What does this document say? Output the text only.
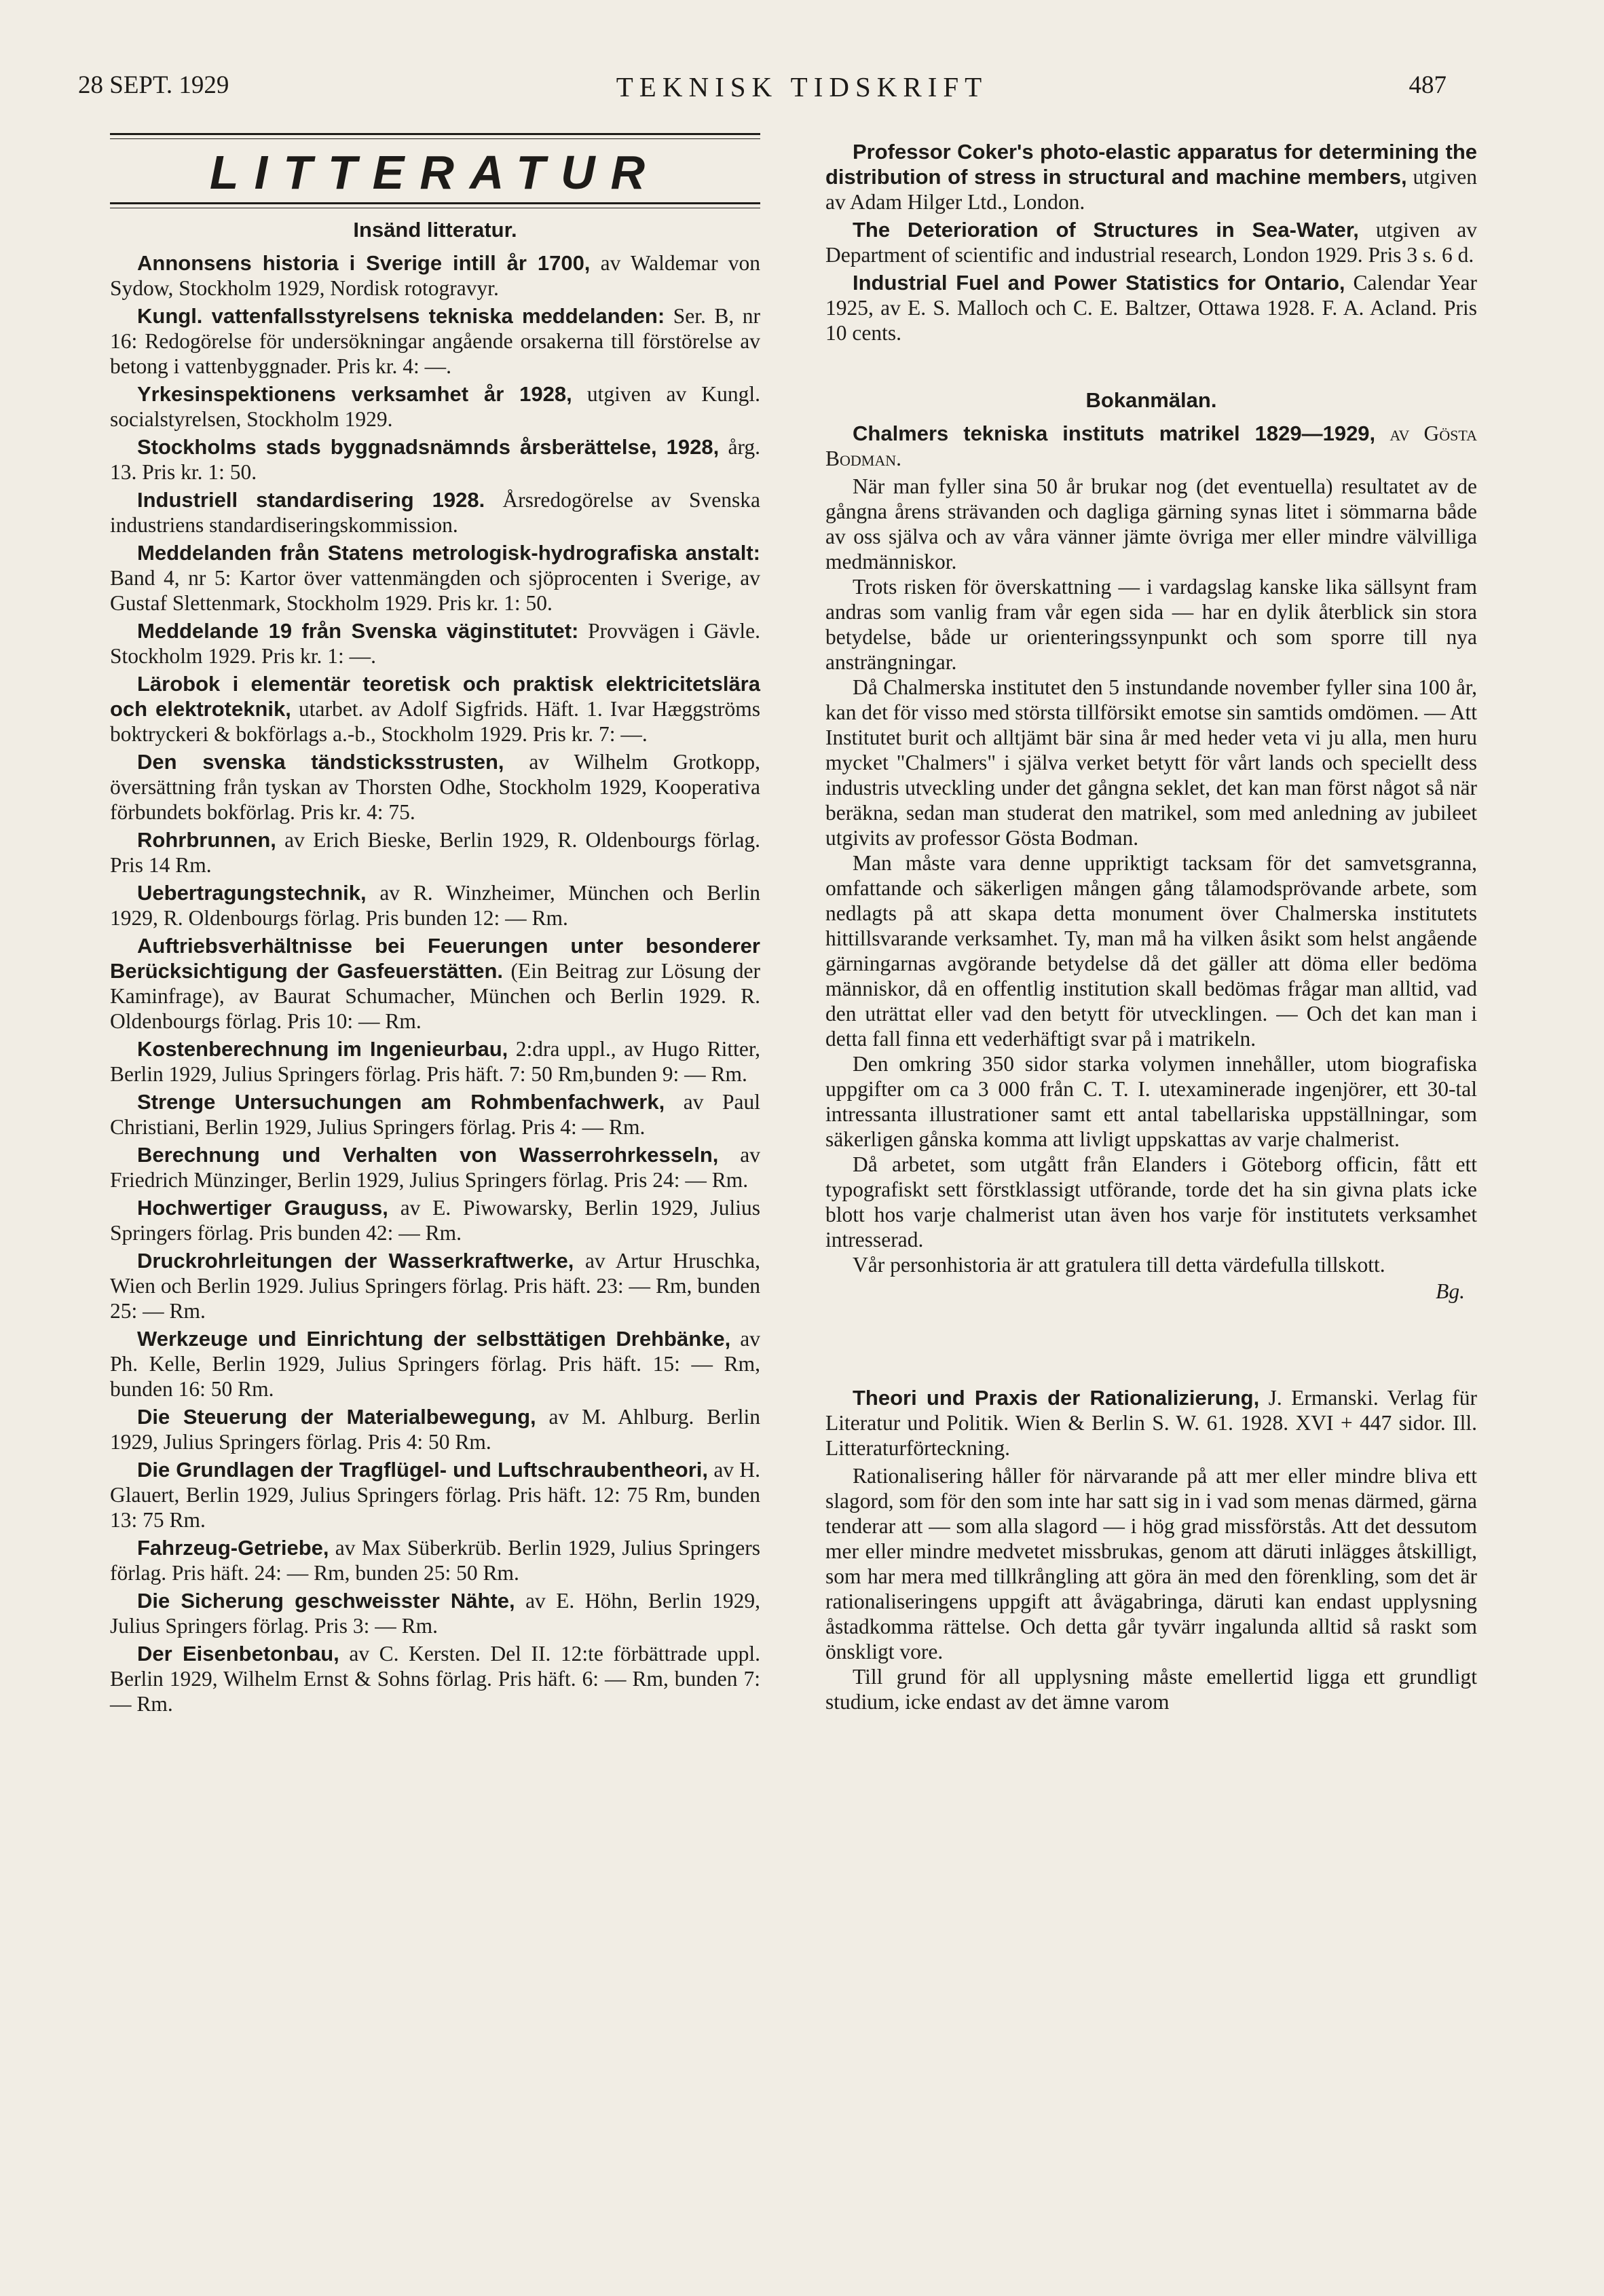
28 SEPT. 1929	TEKNISK TIDSKRIFT	487
LITTERATUR
Insänd litteratur.
Annonsens historia i Sverige intill år 1700, av Waldemar von Sydow, Stockholm 1929, Nordisk rotogravyr.
Kungl. vattenfallsstyrelsens tekniska meddelanden: Ser. B, nr 16: Redogörelse för undersökningar angående orsakerna till förstörelse av betong i vattenbyggnader. Pris kr. 4: —.
Yrkesinspektionens verksamhet år 1928, utgiven av Kungl. socialstyrelsen, Stockholm 1929.
Stockholms stads byggnadsnämnds årsberättelse, 1928, årg. 13. Pris kr. 1: 50.
Industriell standardisering 1928. Årsredogörelse av Svenska industriens standardiseringskommission.
Meddelanden från Statens metrologisk-hydrografiska anstalt: Band 4, nr 5: Kartor över vattenmängden och sjöprocenten i Sverige, av Gustaf Slettenmark, Stockholm 1929. Pris kr. 1: 50.
Meddelande 19 från Svenska väginstitutet: Provvägen i Gävle. Stockholm 1929. Pris kr. 1: —.
Lärobok i elementär teoretisk och praktisk elektricitetslära och elektroteknik, utarbet. av Adolf Sigfrids. Häft. 1. Ivar Hæggströms boktryckeri & bokförlags a.-b., Stockholm 1929. Pris kr. 7: —.
Den svenska tändsticksstrusten, av Wilhelm Grotkopp, översättning från tyskan av Thorsten Odhe, Stockholm 1929, Kooperativa förbundets bokförlag. Pris kr. 4: 75.
Rohrbrunnen, av Erich Bieske, Berlin 1929, R. Oldenbourgs förlag. Pris 14 Rm.
Uebertragungstechnik, av R. Winzheimer, München och Berlin 1929, R. Oldenbourgs förlag. Pris bunden 12: — Rm.
Auftriebsverhältnisse bei Feuerungen unter besonderer Berücksichtigung der Gasfeuerstätten. (Ein Beitrag zur Lösung der Kaminfrage), av Baurat Schumacher, München och Berlin 1929. R. Oldenbourgs förlag. Pris 10: — Rm.
Kostenberechnung im Ingenieurbau, 2:dra uppl., av Hugo Ritter, Berlin 1929, Julius Springers förlag. Pris häft. 7: 50 Rm,bunden 9: — Rm.
Strenge Untersuchungen am Rohmbenfachwerk, av Paul Christiani, Berlin 1929, Julius Springers förlag. Pris 4: — Rm.
Berechnung und Verhalten von Wasserrohrkesseln, av Friedrich Münzinger, Berlin 1929, Julius Springers förlag. Pris 24: — Rm.
Hochwertiger Grauguss, av E. Piwowarsky, Berlin 1929, Julius Springers förlag. Pris bunden 42: — Rm.
Druckrohrleitungen der Wasserkraftwerke, av Artur Hruschka, Wien och Berlin 1929. Julius Springers förlag. Pris häft. 23: — Rm, bunden 25: — Rm.
Werkzeuge und Einrichtung der selbsttätigen Drehbänke, av Ph. Kelle, Berlin 1929, Julius Springers förlag. Pris häft. 15: — Rm, bunden 16: 50 Rm.
Die Steuerung der Materialbewegung, av M. Ahlburg. Berlin 1929, Julius Springers förlag. Pris 4: 50 Rm.
Die Grundlagen der Tragflügel- und Luftschraubentheori, av H. Glauert, Berlin 1929, Julius Springers förlag. Pris häft. 12: 75 Rm, bunden 13: 75 Rm.
Fahrzeug-Getriebe, av Max Süberkrüb. Berlin 1929, Julius Springers förlag. Pris häft. 24: — Rm, bunden 25: 50 Rm.
Die Sicherung geschweisster Nähte, av E. Höhn, Berlin 1929, Julius Springers förlag. Pris 3: — Rm.
Der Eisenbetonbau, av C. Kersten. Del II. 12:te förbättrade uppl. Berlin 1929, Wilhelm Ernst & Sohns förlag. Pris häft. 6: — Rm, bunden 7: — Rm.
Professor Coker's photo-elastic apparatus for determining the distribution of stress in structural and machine members, utgiven av Adam Hilger Ltd., London.
The Deterioration of Structures in Sea-Water, utgiven av Department of scientific and industrial research, London 1929. Pris 3 s. 6 d.
Industrial Fuel and Power Statistics for Ontario, Calendar Year 1925, av E. S. Malloch och C. E. Baltzer, Ottawa 1928. F. A. Acland. Pris 10 cents.
Bokanmälan.
Chalmers tekniska instituts matrikel 1829—1929, av Gösta Bodman.

När man fyller sina 50 år brukar nog (det eventuella) resultatet av de gångna årens strävanden och dagliga gärning synas litet i sömmarna både av oss själva och av våra vänner jämte övriga mer eller mindre välvilliga medmänniskor.

Trots risken för överskattning — i vardagslag kanske lika sällsynt fram andras som vanlig fram vår egen sida — har en dylik återblick sin stora betydelse, både ur orienteringssynpunkt och som sporre till nya ansträngningar.

Då Chalmerska institutet den 5 instundande november fyller sina 100 år, kan det för visso med största tillförsikt emotse sin samtids omdömen. — Att Institutet burit och alltjämt bär sina år med heder veta vi ju alla, men huru mycket "Chalmers" i själva verket betytt för vårt lands och speciellt dess industris utveckling under det gångna seklet, det kan man först något så när beräkna, sedan man studerat den matrikel, som med anledning av jubileet utgivits av professor Gösta Bodman.

Man måste vara denne uppriktigt tacksam för det samvetsgranna, omfattande och säkerligen mången gång tålamodsprövande arbete, som nedlagts på att skapa detta monument över Chalmerska institutets hittillsvarande verksamhet. Ty, man må ha vilken åsikt som helst angående gärningarnas avgörande betydelse då det gäller att döma eller bedöma människor, då en offentlig institution skall bedömas frågar man alltid, vad den uträttat eller vad den betytt för utvecklingen. — Och det kan man i detta fall finna ett vederhäftigt svar på i matrikeln.

Den omkring 350 sidor starka volymen innehåller, utom biografiska uppgifter om ca 3 000 från C. T. I. utexaminerade ingenjörer, ett 30-tal intressanta illustrationer samt ett antal tabellariska uppställningar, som säkerligen gånska komma att livligt uppskattas av varje chalmerist.

Då arbetet, som utgått från Elanders i Göteborg officin, fått ett typografiskt sett förstklassigt utförande, torde det ha sin givna plats icke blott hos varje chalmerist utan även hos varje för institutets verksamhet intresserad.

Vår personhistoria är att gratulera till detta värdefulla tillskott.

Bg.
Theori und Praxis der Rationalizierung, J. Ermanski. Verlag für Literatur und Politik. Wien & Berlin S. W. 61. 1928. XVI + 447 sidor. Ill. Litteraturförteckning.

Rationalisering håller för närvarande på att mer eller mindre bliva ett slagord, som för den som inte har satt sig in i vad som menas därmed, gärna tenderar att — som alla slagord — i hög grad missförstås. Att det dessutom mer eller mindre medvetet missbrukas, genom att däruti inlägges åtskilligt, som har mera med tillkrångling att göra än med den förenkling, som det är rationaliseringens uppgift att åvägabringa, däruti kan endast upplysning åstadkomma rättelse. Och detta går tyvärr ingalunda alltid så raskt som önskligt vore.

Till grund för all upplysning måste emellertid ligga ett grundligt studium, icke endast av det ämne varom
